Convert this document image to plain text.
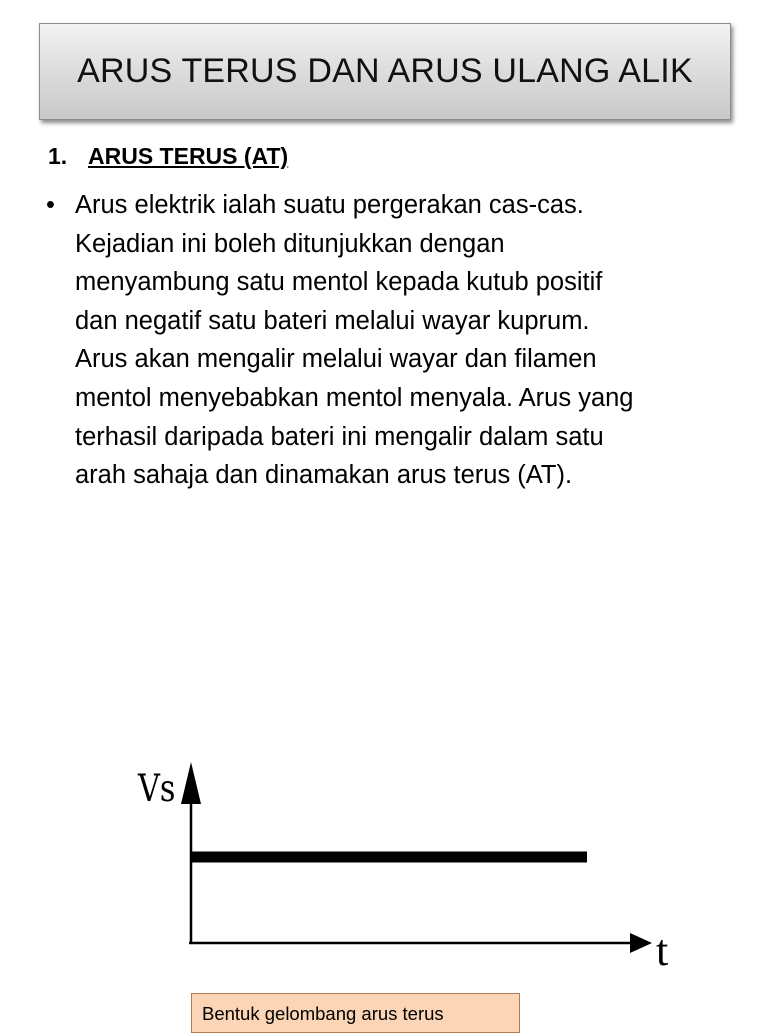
ARUS TERUS DAN ARUS ULANG ALIK
1. ARUS TERUS (AT)
• Arus elektrik ialah suatu pergerakan cas-cas.
Kejadian ini boleh ditunjukkan dengan
menyambung satu mentol kepada kutub positif
dan negatif satu bateri melalui wayar kuprum.
Arus akan mengalir melalui wayar dan filamen
mentol menyebabkan mentol menyala. Arus yang
terhasil daripada bateri ini mengalir dalam satu
arah sahaja dan dinamakan arus terus (AT).

Vs
t
Bentuk gelombang arus terus
